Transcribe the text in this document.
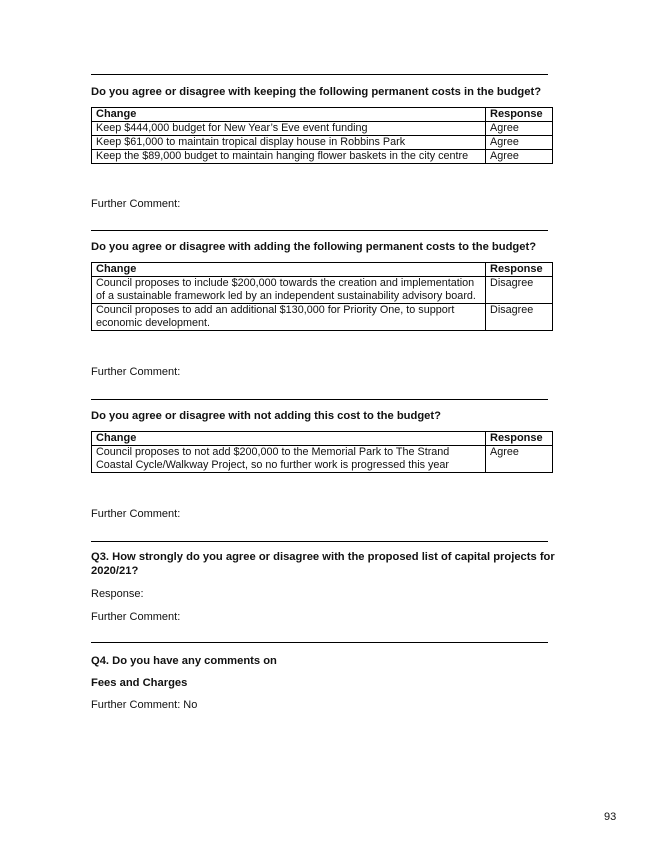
Do you agree or disagree with keeping the following permanent costs in the budget?
Change	Response
Keep $444,000 budget for New Year’s Eve event funding	Agree
Keep $61,000 to maintain tropical display house in Robbins Park	Agree
Keep the $89,000 budget to maintain hanging flower baskets in the city centre	Agree
Further Comment:
Do you agree or disagree with adding the following permanent costs to the budget?
Change	Response
Council proposes to include $200,000 towards the creation and implementation of a sustainable framework led by an independent sustainability advisory board.	Disagree
Council proposes to add an additional $130,000 for Priority One, to support economic development.	Disagree
Further Comment:
Do you agree or disagree with not adding this cost to the budget?
Change	Response
Council proposes to not add $200,000 to the Memorial Park to The Strand Coastal Cycle/Walkway Project, so no further work is progressed this year	Agree
Further Comment:
Q3. How strongly do you agree or disagree with the proposed list of capital projects for 2020/21?
Response:
Further Comment:
Q4. Do you have any comments on
Fees and Charges
Further Comment: No
93
